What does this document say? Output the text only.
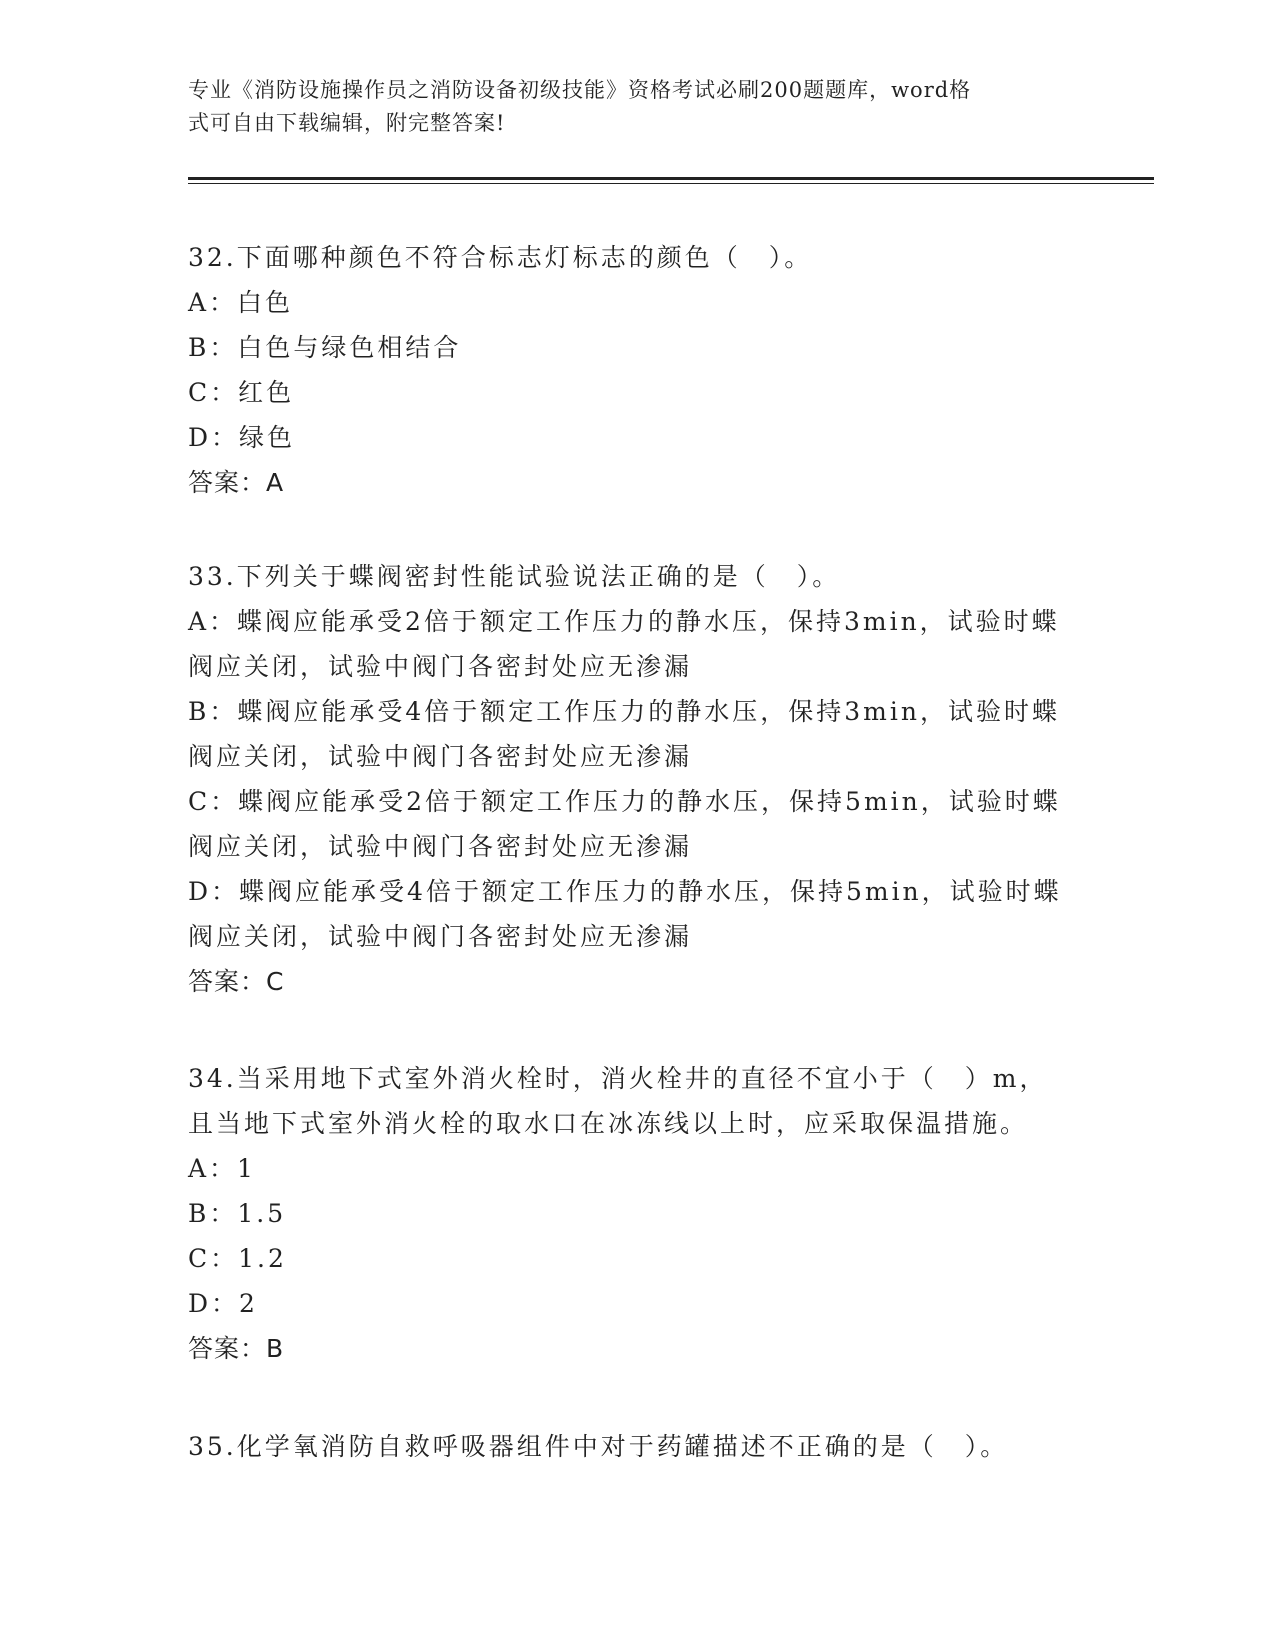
专业《消防设施操作员之消防设备初级技能》资格考试必刷200题题库，word格
式可自由下载编辑，附完整答案!
32.下面哪种颜色不符合标志灯标志的颜色（　）。
A：白色
B：白色与绿色相结合
C：红色
D：绿色
答案：A
33.下列关于蝶阀密封性能试验说法正确的是（　）。
A：蝶阀应能承受2倍于额定工作压力的静水压，保持3min，试验时蝶
阀应关闭，试验中阀门各密封处应无渗漏
B：蝶阀应能承受4倍于额定工作压力的静水压，保持3min，试验时蝶
阀应关闭，试验中阀门各密封处应无渗漏
C：蝶阀应能承受2倍于额定工作压力的静水压，保持5min，试验时蝶
阀应关闭，试验中阀门各密封处应无渗漏
D：蝶阀应能承受4倍于额定工作压力的静水压，保持5min，试验时蝶
阀应关闭，试验中阀门各密封处应无渗漏
答案：C
34.当采用地下式室外消火栓时，消火栓井的直径不宜小于（　）m，
且当地下式室外消火栓的取水口在冰冻线以上时，应采取保温措施。
A：1
B：1.5
C：1.2
D：2
答案：B
35.化学氧消防自救呼吸器组件中对于药罐描述不正确的是（　）。
